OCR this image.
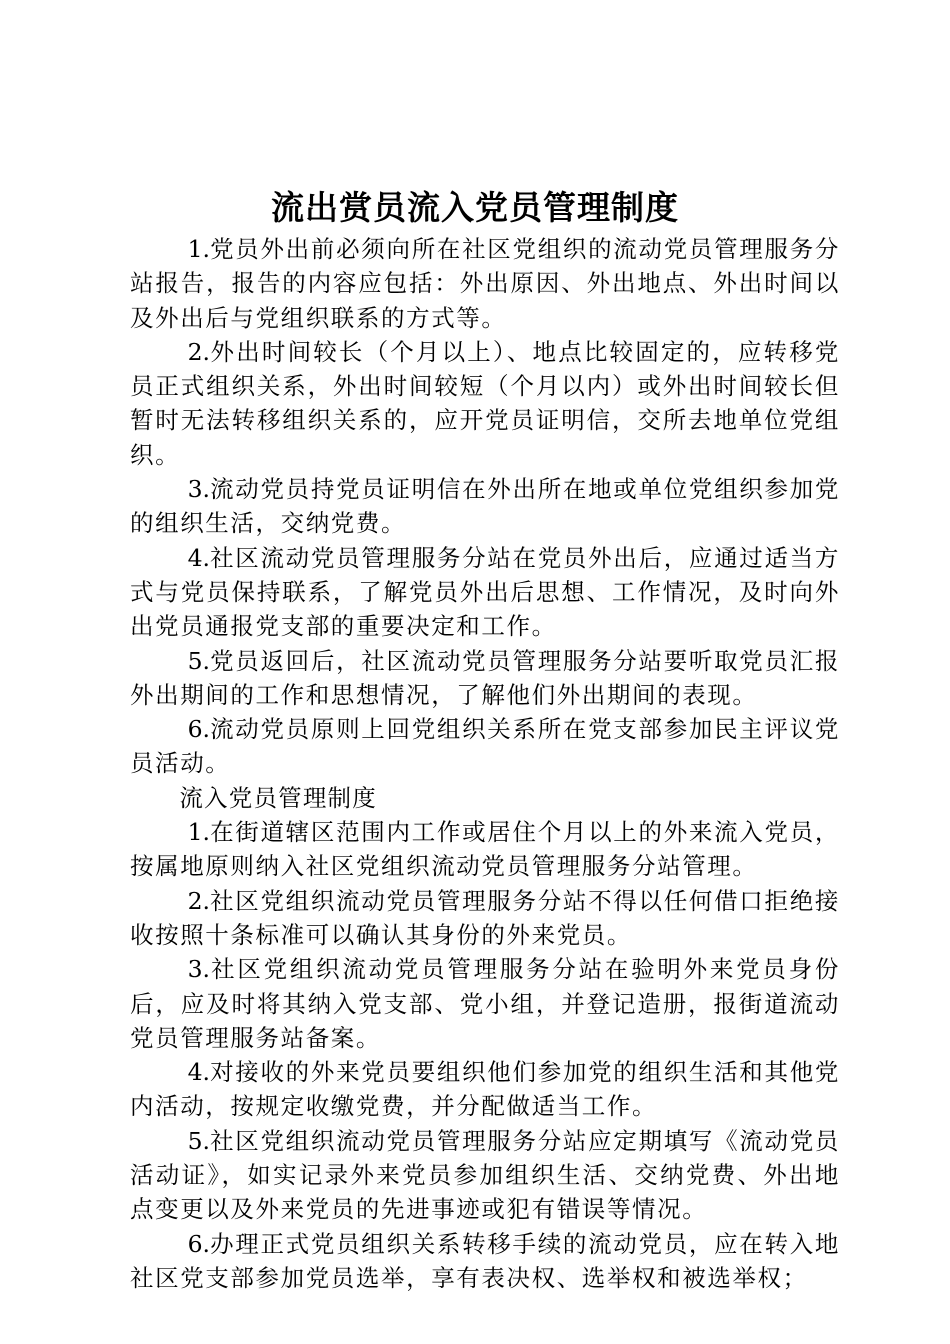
流出赏员流入党员管理制度

1.党员外出前必须向所在社区党组织的流动党员管理服务分站报告，报告的内容应包括：外出原因、外出地点、外出时间以及外出后与党组织联系的方式等。

2.外出时间较长（个月以上）、地点比较固定的，应转移党员正式组织关系，外出时间较短（个月以内）或外出时间较长但暂时无法转移组织关系的，应开党员证明信，交所去地单位党组织。

3.流动党员持党员证明信在外出所在地或单位党组织参加党的组织生活，交纳党费。

4.社区流动党员管理服务分站在党员外出后，应通过适当方式与党员保持联系，了解党员外出后思想、工作情况，及时向外出党员通报党支部的重要决定和工作。

5.党员返回后，社区流动党员管理服务分站要听取党员汇报外出期间的工作和思想情况，了解他们外出期间的表现。

6.流动党员原则上回党组织关系所在党支部参加民主评议党员活动。

流入党员管理制度

1.在街道辖区范围内工作或居住个月以上的外来流入党员，按属地原则纳入社区党组织流动党员管理服务分站管理。

2.社区党组织流动党员管理服务分站不得以任何借口拒绝接收按照十条标准可以确认其身份的外来党员。

3.社区党组织流动党员管理服务分站在验明外来党员身份后，应及时将其纳入党支部、党小组，并登记造册，报街道流动党员管理服务站备案。

4.对接收的外来党员要组织他们参加党的组织生活和其他党内活动，按规定收缴党费，并分配做适当工作。

5.社区党组织流动党员管理服务分站应定期填写《流动党员活动证》，如实记录外来党员参加组织生活、交纳党费、外出地点变更以及外来党员的先进事迹或犯有错误等情况。

6.办理正式党员组织关系转移手续的流动党员，应在转入地社区党支部参加党员选举，享有表决权、选举权和被选举权；
